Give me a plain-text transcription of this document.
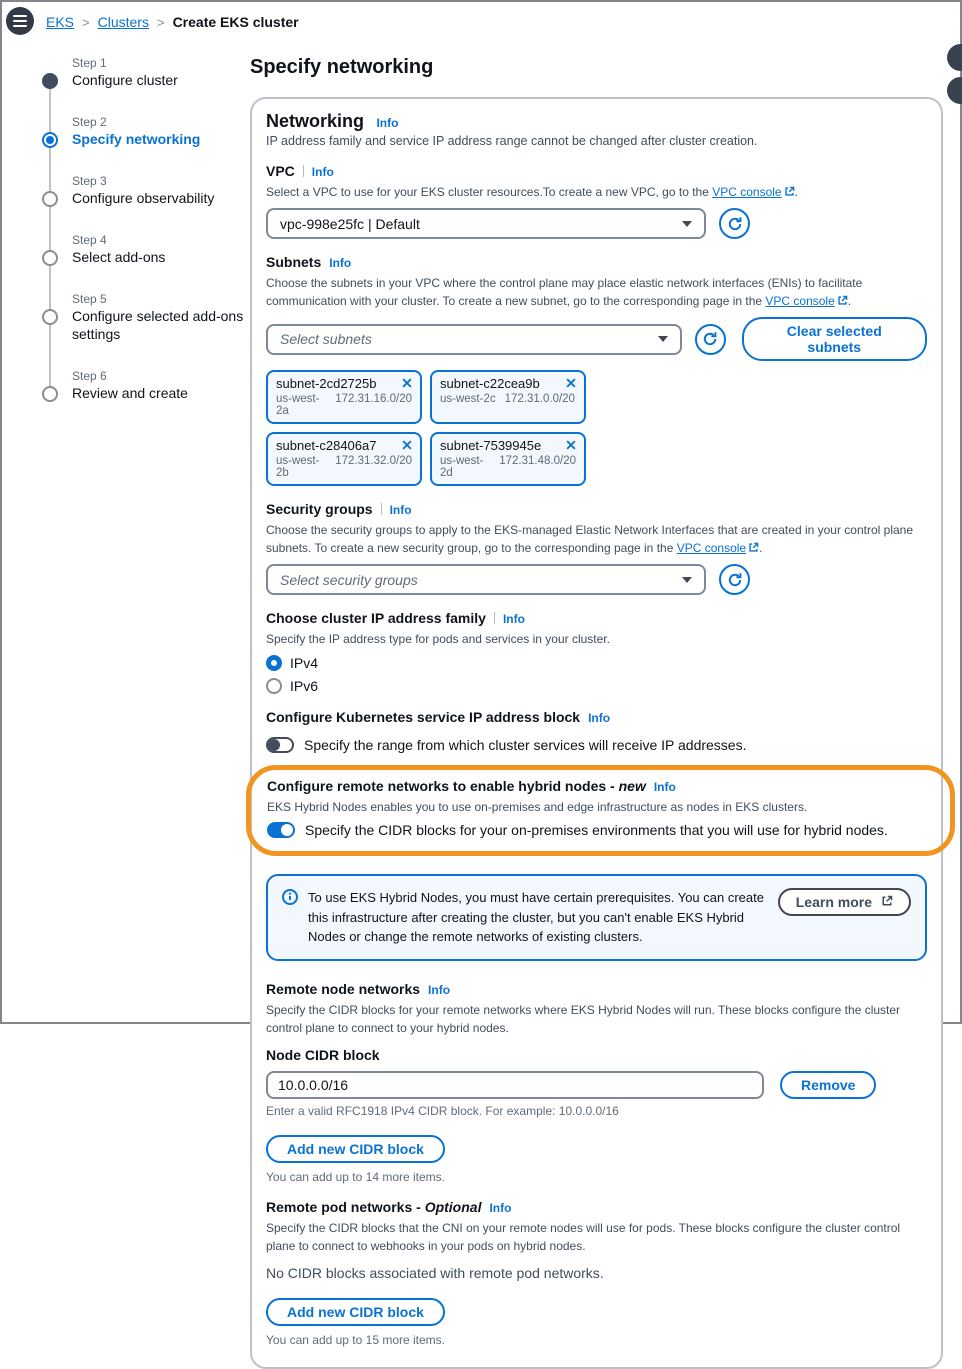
EKS > Clusters > Create EKS cluster
Step 1
Configure cluster
Step 2
Specify networking
Step 3
Configure observability
Step 4
Select add-ons
Step 5
Configure selected add-ons settings
Step 6
Review and create
Specify networking
Networking Info

IP address family and service IP address range cannot be changed after cluster creation.

VPC Info

Select a VPC to use for your EKS cluster resources.To create a new VPC, go to the VPC console .

vpc-998e25fc | Default
Subnets Info

Choose the subnets in your VPC where the control plane may place elastic network interfaces (ENIs) to facilitate communication with your cluster. To create a new subnet, go to the corresponding page in the VPC console .

Select subnets	Clear selected subnets
subnet-2cd2725b
us-west-2a
172.31.16.0/20
subnet-c22cea9b
us-west-2c 172.31.0.0/20
subnet-c28406a7
us-west-2b
172.31.32.0/20
subnet-7539945e
us-west-2d
172.31.48.0/20
Security groups Info

Choose the security groups to apply to the EKS-managed Elastic Network Interfaces that are created in your control plane subnets. To create a new security group, go to the corresponding page in the VPC console .

Select security groups
Choose cluster IP address family Info

Specify the IP address type for pods and services in your cluster.

IPv4
IPv6
Configure Kubernetes service IP address block Info
Specify the range from which cluster services will receive IP addresses.
Configure remote networks to enable hybrid nodes - new Info

EKS Hybrid Nodes enables you to use on-premises and edge infrastructure as nodes in EKS clusters.

Specify the CIDR blocks for your on-premises environments that you will use for hybrid nodes.
To use EKS Hybrid Nodes, you must have certain prerequisites. You can create this infrastructure after creating the cluster, but you can't enable EKS Hybrid Nodes or change the remote networks of existing clusters.
Learn more
Remote node networks Info

Specify the CIDR blocks for your remote networks where EKS Hybrid Nodes will run. These blocks configure the cluster control plane to connect to your hybrid nodes.

Node CIDR block
10.0.0.0/16
Remove
Enter a valid RFC1918 IPv4 CIDR block. For example: 10.0.0.0/16
Add new CIDR block
You can add up to 14 more items.
Remote pod networks - Optional Info

Specify the CIDR blocks that the CNI on your remote nodes will use for pods. These blocks configure the cluster control plane to connect to webhooks in your pods on hybrid nodes.

No CIDR blocks associated with remote pod networks.
Add new CIDR block
You can add up to 15 more items.
